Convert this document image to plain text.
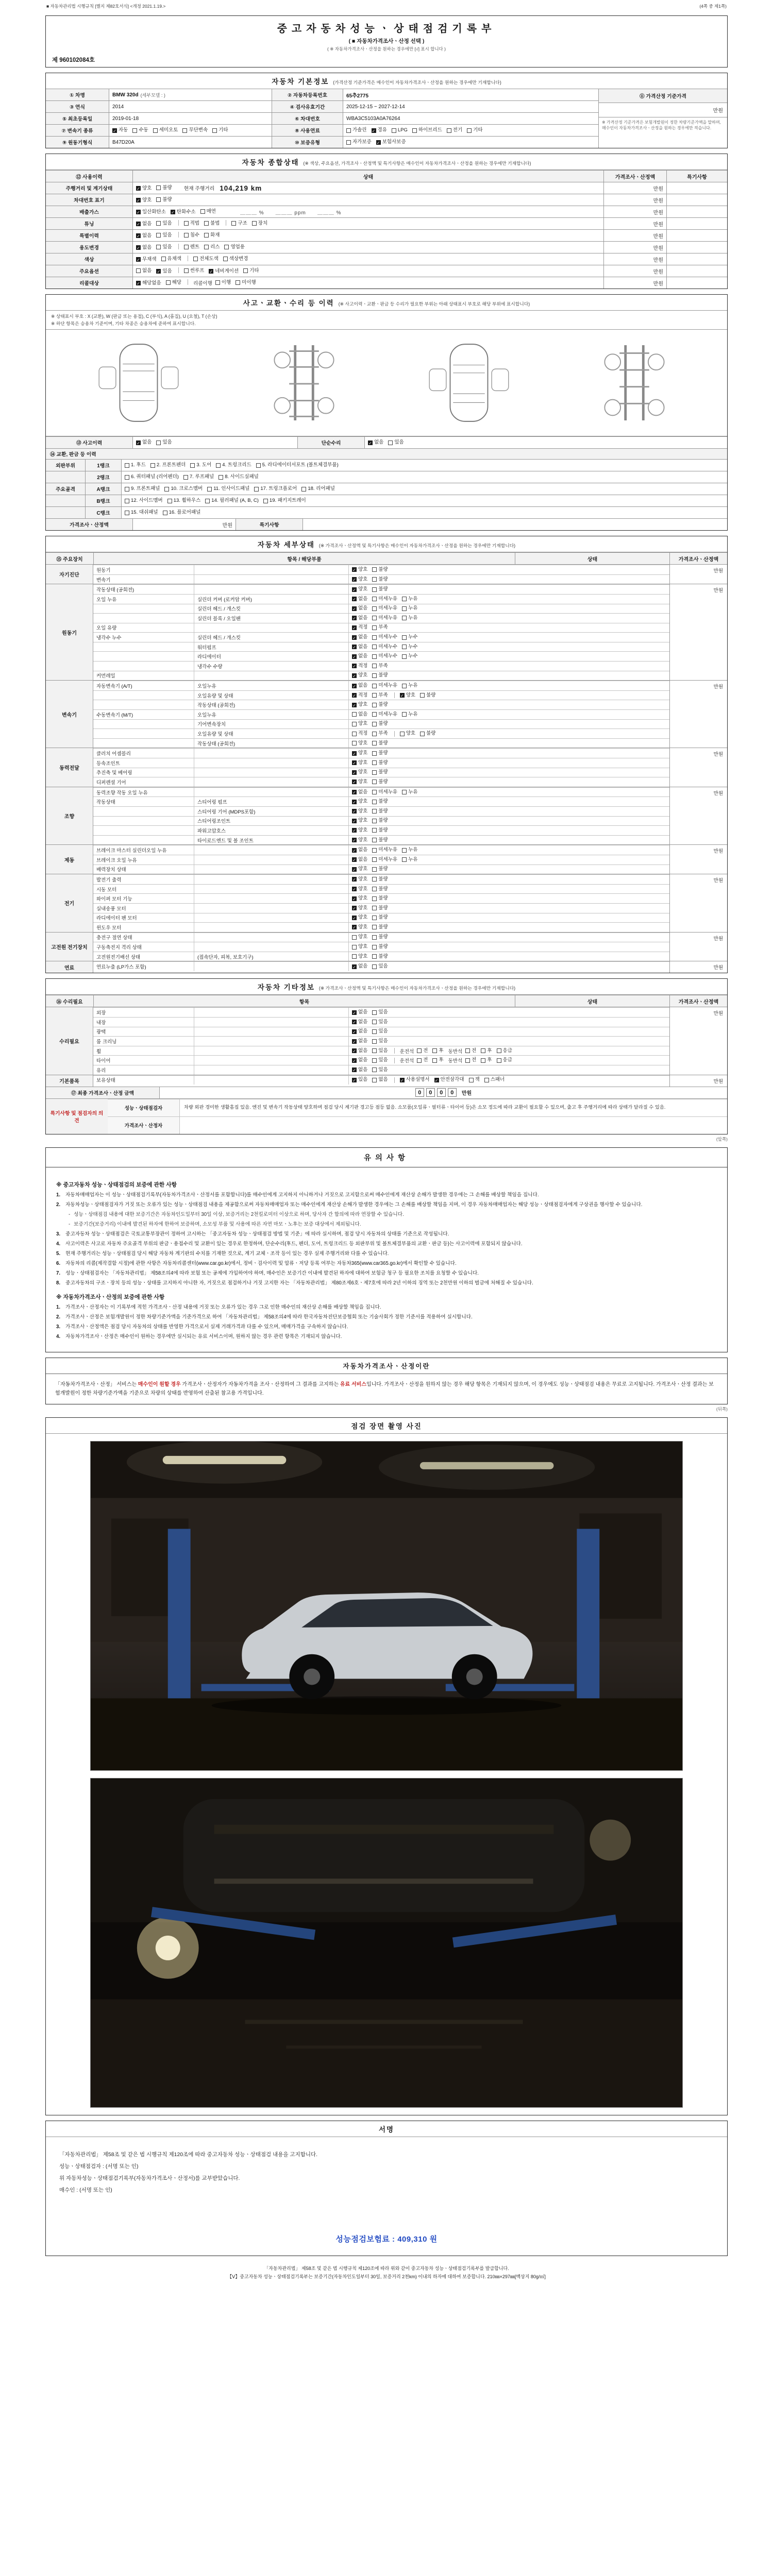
■ 자동차관리법 시행규칙 [별지 제82호서식] <개정 2021.1.19.>	(4쪽 중 제1쪽)
중고자동차성능ㆍ상태점검기록부
( ■ 자동차가격조사ㆍ산정 선택 )
( ※ 자동차가격조사ㆍ산정을 원하는 경우에만 [√] 표시 합니다 )
제 960102084호
자동차 기본정보 (가격산정 기준가격은 매수인이 자동차가격조사ㆍ산정을 원하는 경우에만 기재합니다)
① 차명	BMW 320d (세부모델 : )	② 자동차등록번호	65추2775
③ 연식	2014	④ 검사유효기간	2025-12-15 ~ 2027-12-14
⑤ 최초등록일	2019-01-18	⑥ 차대번호	WBA3C5103A0A76264
⑦ 변속기 종류	✓ 자동 수동 세미오토 무단변속 기타	⑧ 사용연료	가솔린 ✓ 경유 LPG 하이브리드 전기 기타
⑨ 원동기형식	B47D20A	⑩ 보증유형	자가보증 ✓ 보험사보증
⑪ 가격산정 기준가격
만원
※ 가격산정 기준가격은 보험개발원이 정한 차량기준가액을 말하며, 매수인이 자동차가격조사ㆍ산정을 원하는 경우에만 적습니다.
자동차 종합상태 (※ 색상, 주요옵션, 가격조사ㆍ산정액 및 특기사항은 매수인이 자동차가격조사ㆍ산정을 원하는 경우에만 기재합니다)
⑫ 사용이력	상태	가격조사ㆍ산정액	특기사항
주행거리 및 계기상태	✓ 양호 불량 현재 주행거리 104,219 km	만원
차대번호 표기	✓ 양호 불량	만원
배출가스	✓ 일산화탄소 ✓ 탄화수소 매연	＿＿＿ %　　＿＿＿ ppm　　＿＿＿ %	만원
튜닝	✓ 없음 있음	적법 불법	구조 장치	만원
특별이력	✓ 없음 있음	침수 화재	만원
용도변경	✓ 없음 있음	렌트 리스 영업용	만원
색상	✓ 무채색 유채색	전체도색 색상변경	만원
주요옵션	없음 ✓ 있음	썬루프 ✓ 네비게이션 기타	만원
리콜대상	✓ 해당없음 해당 리콜이행 이행 미이행	만원
사고ㆍ교환ㆍ수리 등 이력 (※ 사고이력ㆍ교환ㆍ판금 등 수리가 필요한 부위는 아래 상태표시 부호로 해당 부위에 표시합니다)
※ 상태표시 부호 : X (교환), W (판금 또는 용접), C (부식), A (흠집), U (요철), T (손상)
※ 하단 항목은 승용차 기준이며, 기타 차종은 승용차에 준하여 표시합니다.
⑬ 사고이력	✓ 없음 있음	단순수리	✓ 없음 있음
⑭ 교환, 판금 등 이력
외판부위	1랭크	1. 후드 2. 프론트펜더 3. 도어 4. 트렁크리드 5. 라디에이터서포트 (볼트체결부품)
2랭크	6. 쿼터패널 (리어펜더) 7. 루프패널 8. 사이드실패널
주요골격	A랭크	9. 프론트패널 10. 크로스멤버 11. 인사이드패널 17. 트렁크플로어 18. 리어패널
B랭크	12. 사이드멤버 13. 휠하우스 14. 필러패널 (A, B, C) 19. 패키지트레이
C랭크	15. 대쉬패널 16. 플로어패널
가격조사ㆍ산정액	만원	특기사항
자동차 세부상태 (※ 가격조사ㆍ산정액 및 특기사항은 매수인이 자동차가격조사ㆍ산정을 원하는 경우에만 기재합니다)
⑮ 주요장치	항목 / 해당부품	상태	가격조사ㆍ산정액
자기진단
원동기	✓ 양호 불량
변속기	✓ 양호 불량
만원
원동기
작동상태 (공회전)	✓ 양호 불량
오일 누유	실린더 커버 (로커암 커버)	✓ 없음 미세누유 누유
실린더 헤드 / 개스킷	✓ 없음 미세누유 누유
실린더 블록 / 오일팬	✓ 없음 미세누유 누유
오일 유량	✓ 적정 부족
냉각수 누수	실린더 헤드 / 개스킷	✓ 없음 미세누수 누수
워터펌프	✓ 없음 미세누수 누수
라디에이터	✓ 없음 미세누수 누수
냉각수 수량	✓ 적정 부족
커먼레일	✓ 양호 불량
만원
변속기
자동변속기 (A/T)	오일누유	✓ 없음 미세누유 누유
오일유량 및 상태	✓ 적정 부족	✓ 양호 불량
작동상태 (공회전)	✓ 양호 불량
수동변속기 (M/T)	오일누유	없음 미세누유 누유
기어변속장치	양호 불량
오일유량 및 상태	적정 부족	양호 불량
작동상태 (공회전)	양호 불량
만원
동력전달
클러치 어셈블리	✓ 양호 불량
등속조인트	✓ 양호 불량
추진축 및 베어링	✓ 양호 불량
디퍼렌셜 기어	✓ 양호 불량
만원
조향
동력조향 작동 오일 누유	✓ 없음 미세누유 누유
작동상태	스티어링 펌프	✓ 양호 불량
스티어링 기어 (MDPS포함)	✓ 양호 불량
스티어링조인트	✓ 양호 불량
파워고압호스	✓ 양호 불량
타이로드엔드 및 볼 조인트	✓ 양호 불량
만원
제동
브레이크 마스터 실린더오일 누유	✓ 없음 미세누유 누유
브레이크 오일 누유	✓ 없음 미세누유 누유
배력장치 상태	✓ 양호 불량
만원
전기
발전기 출력	✓ 양호 불량
시동 모터	✓ 양호 불량
와이퍼 모터 기능	✓ 양호 불량
실내송풍 모터	✓ 양호 불량
라디에이터 팬 모터	✓ 양호 불량
윈도우 모터	✓ 양호 불량
만원
고전원 전기장치
충전구 절연 상태	양호 불량
구동축전지 격리 상태	양호 불량
고전원전기배선 상태	(접속단자, 피복, 보호기구)	양호 불량
만원
연료	연료누출 (LP가스 포함)	✓ 없음 있음	만원
자동차 기타정보 (※ 가격조사ㆍ산정액 및 특기사항은 매수인이 자동차가격조사ㆍ산정을 원하는 경우에만 기재합니다)
⑯ 수리필요	항목	상태	가격조사ㆍ산정액
수리필요
외장	✓ 없음 있음
내장	✓ 없음 있음
광택	✓ 없음 있음
룸 크리닝	✓ 없음 있음
휠	✓ 없음 있음 운전석 전 후 동반석 전 후 응급
타이어	✓ 없음 있음 운전석 전 후 동반석 전 후 응급
유리	✓ 없음 있음
만원
기본품목	보유상태	✓ 있음 없음	✓ 사용설명서 ✓ 안전삼각대 잭 스패너	만원
⑰ 최종 가격조사ㆍ산정 금액	0 0 0 0	만원
특기사항 및 점검자의 의견
성능ㆍ상태점검자	차량 외판 경미한 생활흠집 있음. 엔진 및 변속기 작동상태 양호하며 점검 당시 계기판 경고등 점등 없음. 소모품(오일류ㆍ필터류ㆍ타이어 등)은 소모 정도에 따라 교환이 필요할 수 있으며, 출고 후 주행거리에 따라 상태가 달라질 수 있음.
가격조사ㆍ산정자
(앞쪽)
유의사항
※ 중고자동차 성능ㆍ상태점검의 보증에 관한 사항
1.	자동차매매업자는 이 성능ㆍ상태점검기록부(자동차가격조사ㆍ산정서를 포함합니다)를 매수인에게 고지하지 아니하거나 거짓으로 고지함으로써 매수인에게 재산상 손해가 발생한 경우에는 그 손해를 배상할 책임을 집니다.
2.	자동차성능ㆍ상태점검자가 거짓 또는 오류가 있는 성능ㆍ상태점검 내용을 제공함으로써 자동차매매업자 또는 매수인에게 재산상 손해가 발생한 경우에는 그 손해를 배상할 책임을 지며, 이 경우 자동차매매업자는 해당 성능ㆍ상태점검자에게 구상권을 행사할 수 있습니다.
- 성능ㆍ상태점검 내용에 대한 보증기간은 자동차인도일부터 30일 이상, 보증거리는 2천킬로미터 이상으로 하며, 당사자 간 합의에 따라 연장할 수 있습니다.
- 보증기간(보증거리) 이내에 발견된 하자에 한하여 보증하며, 소모성 부품 및 사용에 따른 자연 마모ㆍ노후는 보증 대상에서 제외됩니다.
3.	중고자동차 성능ㆍ상태점검은 국토교통부장관이 정하여 고시하는 「중고자동차 성능ㆍ상태점검 방법 및 기준」에 따라 실시하며, 점검 당시 자동차의 상태를 기준으로 작성됩니다.
4.	사고이력은 사고로 자동차 주요골격 부위의 판금ㆍ용접수리 및 교환이 있는 경우로 한정하며, 단순수리(후드, 펜더, 도어, 트렁크리드 등 외판부위 및 볼트체결부품의 교환ㆍ판금 등)는 사고이력에 포함되지 않습니다.
5.	현재 주행거리는 성능ㆍ상태점검 당시 해당 자동차 계기판의 수치를 기재한 것으로, 계기 교체ㆍ조작 등이 있는 경우 실제 주행거리와 다를 수 있습니다.
6.	자동차의 리콜(제작결함 시정)에 관한 사항은 자동차리콜센터(www.car.go.kr)에서, 정비ㆍ검사이력 및 압류ㆍ저당 등록 여부는 자동차365(www.car365.go.kr)에서 확인할 수 있습니다.
7.	성능ㆍ상태점검자는 「자동차관리법」 제58조의4에 따라 보험 또는 공제에 가입하여야 하며, 매수인은 보증기간 이내에 발견된 하자에 대하여 보험금 청구 등 필요한 조치를 요청할 수 있습니다.
8.	중고자동차의 구조ㆍ장치 등의 성능ㆍ상태를 고지하지 아니한 자, 거짓으로 점검하거나 거짓 고지한 자는 「자동차관리법」 제80조제6호ㆍ제7호에 따라 2년 이하의 징역 또는 2천만원 이하의 벌금에 처해질 수 있습니다.
※ 자동차가격조사ㆍ산정의 보증에 관한 사항
1.	가격조사ㆍ산정자는 이 기록부에 적힌 가격조사ㆍ산정 내용에 거짓 또는 오류가 있는 경우 그로 인한 매수인의 재산상 손해를 배상할 책임을 집니다.
2.	가격조사ㆍ산정은 보험개발원이 정한 차량기준가액을 기준가격으로 하여 「자동차관리법」 제58조의4에 따라 한국자동차진단보증협회 또는 기술사회가 정한 기준서를 적용하여 실시합니다.
3.	가격조사ㆍ산정액은 점검 당시 자동차의 상태를 반영한 가격으로서 실제 거래가격과 다를 수 있으며, 매매가격을 구속하지 않습니다.
4.	자동차가격조사ㆍ산정은 매수인이 원하는 경우에만 실시되는 유료 서비스이며, 원하지 않는 경우 관련 항목은 기재되지 않습니다.
자동차가격조사ㆍ산정이란
「자동차가격조사ㆍ산정」 서비스는 매수인이 원할 경우 가격조사ㆍ산정자가 자동차가격을 조사ㆍ산정하여 그 결과를 고지하는 유료 서비스입니다. 가격조사ㆍ산정을 원하지 않는 경우 해당 항목은 기재되지 않으며, 이 경우에도 성능ㆍ상태점검 내용은 무료로 고지됩니다. 가격조사ㆍ산정 결과는 보험개발원이 정한 차량기준가액을 기준으로 차량의 상태를 반영하여 산출된 참고용 가격입니다.
(뒤쪽)
점검 장면 촬영 사진
서명
「자동차관리법」 제58조 및 같은 법 시행규칙 제120조에 따라 중고자동차 성능ㆍ상태점검 내용을 고지합니다.
성능ㆍ상태점검자 : (서명 또는 인)
위 자동차성능ㆍ상태점검기록부(자동차가격조사ㆍ산정서)를 교부받았습니다.
매수인 : (서명 또는 인)
성능점검보험료 : 409,310 원
「자동차관리법」 제58조 및 같은 법 시행규칙 제120조에 따라 위와 같이 중고자동차 성능ㆍ상태점검기록부를 발급합니다.
【Ⅴ】중고자동차 성능ㆍ상태점검기록부는 보증기간(자동차인도일부터 30일, 보증거리 2천km) 이내의 하자에 대하여 보증합니다. 210㎜×297㎜[백상지 80g/㎡]
